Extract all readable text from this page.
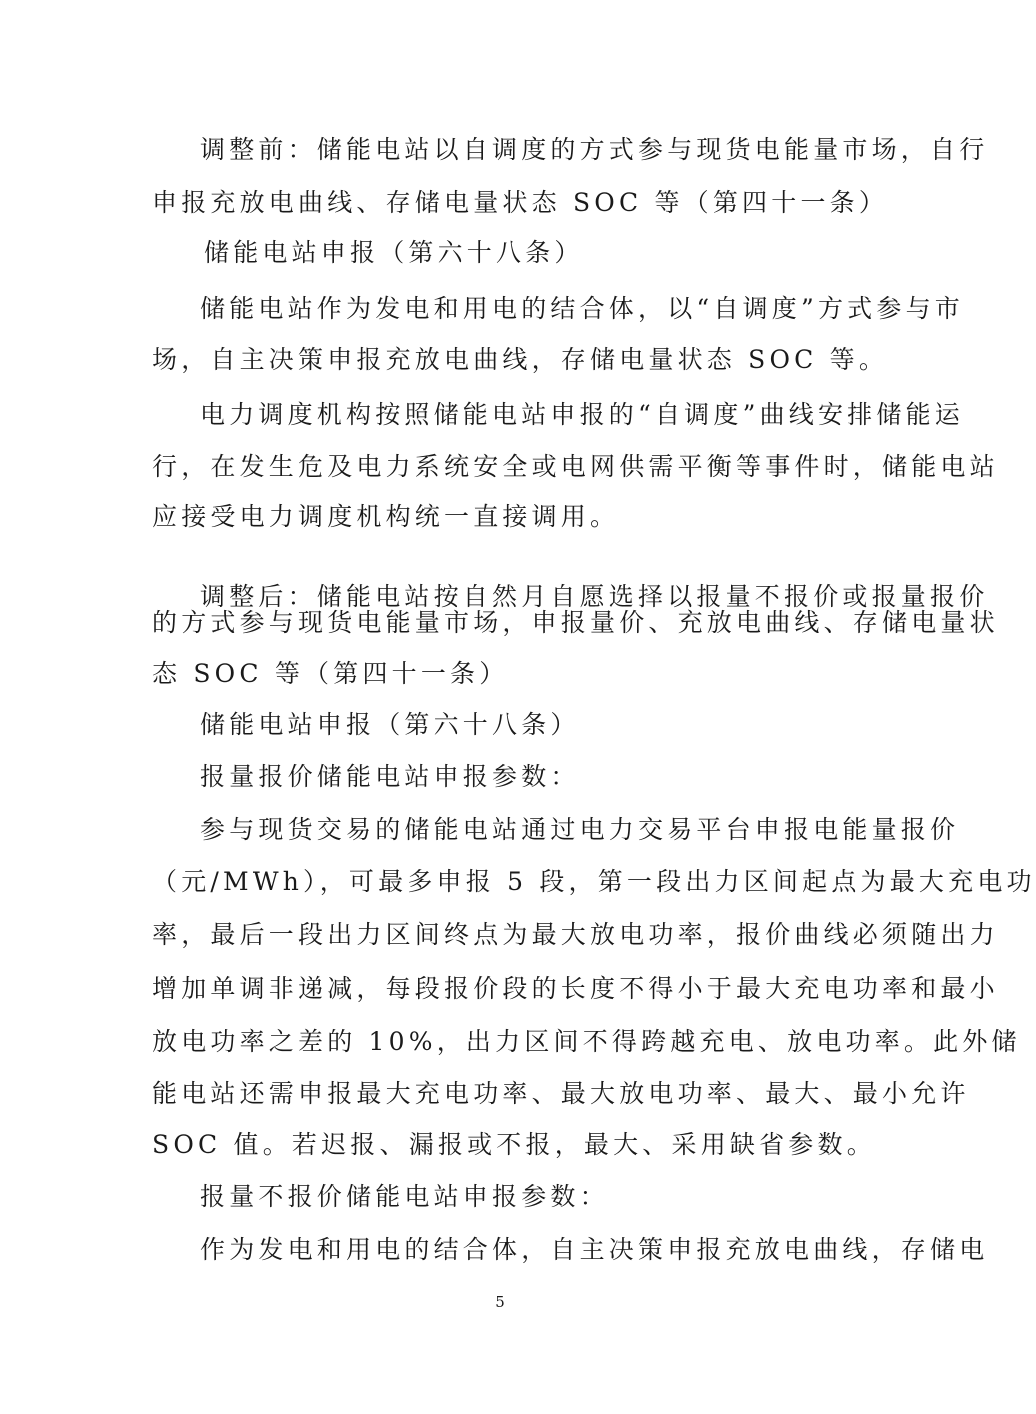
调整前：储能电站以自调度的方式参与现货电能量市场，自行
申报充放电曲线、存储电量状态 SOC 等（第四十一条）
储能电站申报（第六十八条）
储能电站作为发电和用电的结合体，以“自调度”方式参与市
场，自主决策申报充放电曲线，存储电量状态 SOC 等。
电力调度机构按照储能电站申报的“自调度”曲线安排储能运
行，在发生危及电力系统安全或电网供需平衡等事件时，储能电站
应接受电力调度机构统一直接调用。
调整后：储能电站按自然月自愿选择以报量不报价或报量报价
的方式参与现货电能量市场，申报量价、充放电曲线、存储电量状
态 SOC 等（第四十一条）
储能电站申报（第六十八条）
报量报价储能电站申报参数：
参与现货交易的储能电站通过电力交易平台申报电能量报价
（元/MWh），可最多申报 5 段，第一段出力区间起点为最大充电功
率，最后一段出力区间终点为最大放电功率，报价曲线必须随出力
增加单调非递减，每段报价段的长度不得小于最大充电功率和最小
放电功率之差的 10%，出力区间不得跨越充电、放电功率。此外储
能电站还需申报最大充电功率、最大放电功率、最大、最小允许
SOC 值。若迟报、漏报或不报，最大、采用缺省参数。
报量不报价储能电站申报参数：
作为发电和用电的结合体，自主决策申报充放电曲线，存储电
5
